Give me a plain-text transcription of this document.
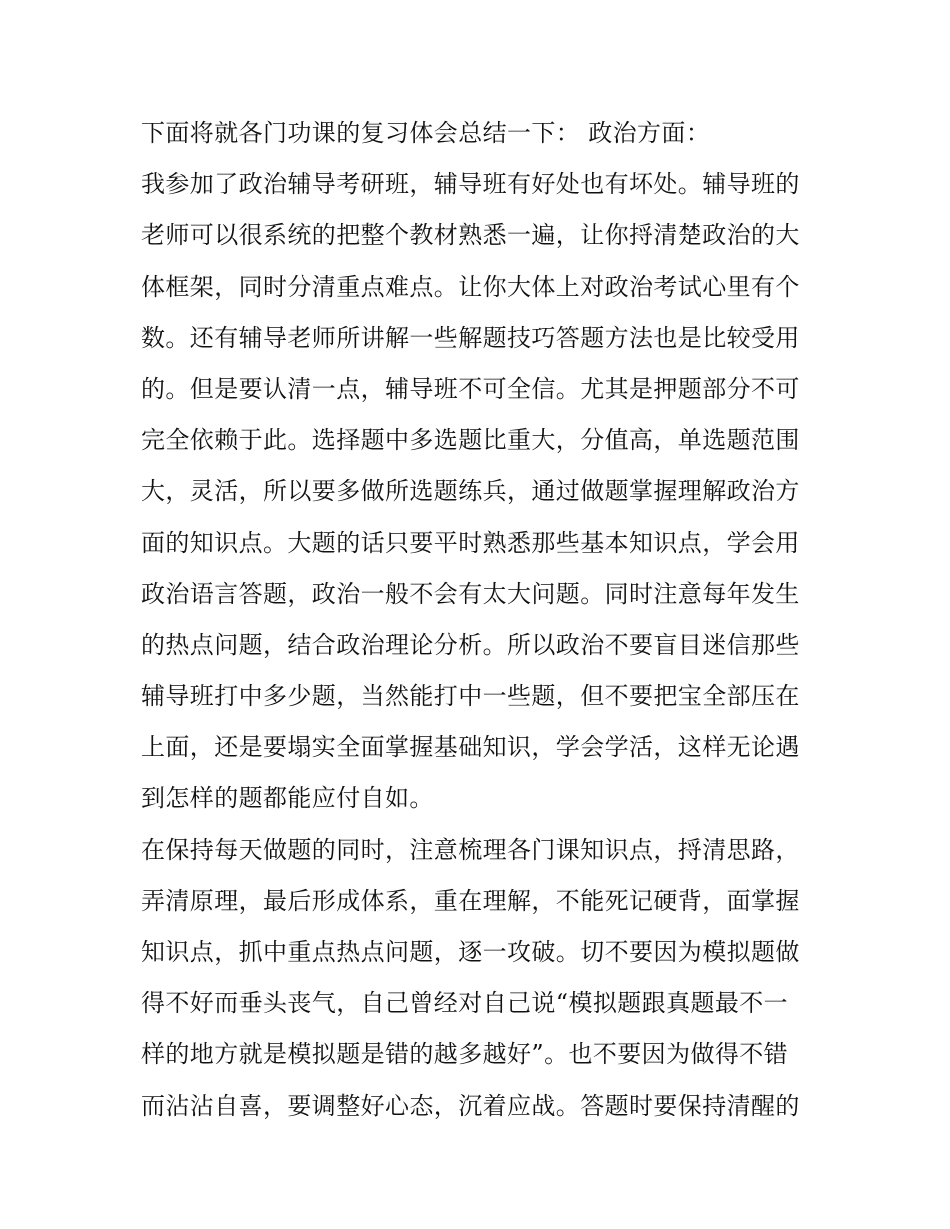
下面将就各门功课的复习体会总结一下： 政治方面：
我参加了政治辅导考研班，辅导班有好处也有坏处。辅导班的
老师可以很系统的把整个教材熟悉一遍，让你捋清楚政治的大
体框架，同时分清重点难点。让你大体上对政治考试心里有个
数。还有辅导老师所讲解一些解题技巧答题方法也是比较受用
的。但是要认清一点，辅导班不可全信。尤其是押题部分不可
完全依赖于此。选择题中多选题比重大，分值高，单选题范围
大，灵活，所以要多做所选题练兵，通过做题掌握理解政治方
面的知识点。大题的话只要平时熟悉那些基本知识点，学会用
政治语言答题，政治一般不会有太大问题。同时注意每年发生
的热点问题，结合政治理论分析。所以政治不要盲目迷信那些
辅导班打中多少题，当然能打中一些题，但不要把宝全部压在
上面，还是要塌实全面掌握基础知识，学会学活，这样无论遇
到怎样的题都能应付自如。
在保持每天做题的同时，注意梳理各门课知识点，捋清思路，
弄清原理，最后形成体系，重在理解，不能死记硬背，面掌握
知识点，抓中重点热点问题，逐一攻破。切不要因为模拟题做
得不好而垂头丧气，自己曾经对自己说“模拟题跟真题最不一
样的地方就是模拟题是错的越多越好”。也不要因为做得不错
而沾沾自喜，要调整好心态，沉着应战。答题时要保持清醒的
